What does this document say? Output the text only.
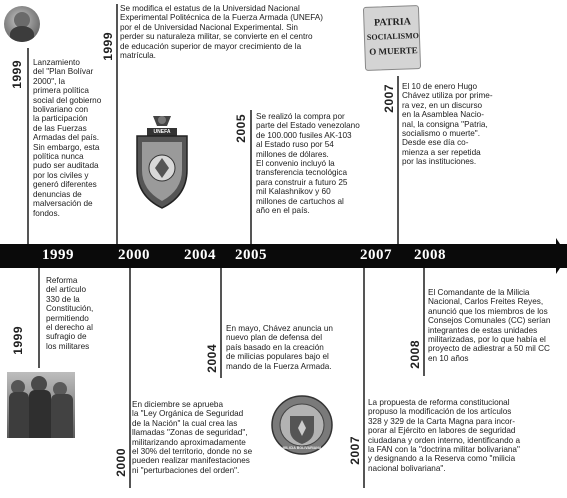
1999 Lanzamiento
del "Plan Bolívar
2000", la
primera política
social del gobierno
bolivariano con
la participación
de las Fuerzas
Armadas del país.
Sin embargo, esta
política nunca
pudo ser auditada
por los civiles y
generó diferentes
denuncias de
malversación de
fondos.
1999
Se modifica el estatus de la Universidad Nacional
Experimental Politécnica de la Fuerza Armada (UNEFA)
por el de Universidad Nacional Experimental. Sin
perder su naturaleza militar, se convierte en el centro
de educación superior de mayor crecimiento de la
matrícula.
UNEFA	2005 Se realizó la compra por
parte del Estado venezolano
de 100.000 fusiles AK-103
al Estado ruso por 54
millones de dólares.
El convenio incluyó la
transferencia tecnológica
para construir a futuro 25
mil Kalashnikov y 60
millones de cartuchos al
año en el país.
PATRIA
SOCIALISMO
O MUERTE
2007 El 10 de enero Hugo
Chávez utiliza por prime-
ra vez, en un discurso
en la Asamblea Nacio-
nal, la consigna "Patria,
socialismo o muerte".
Desde ese día co-
mienza a ser repetida
por las instituciones.
1999	2000 2004 2005	2007 2008
1999
Reforma
del artículo
330 de la
Constitución,
permitiendo
el derecho al
sufragio de
los militares
2000
En diciembre se aprueba
la "Ley Orgánica de Seguridad
de la Nación" la cual crea las
llamadas "Zonas de seguridad",
militarizando aproximadamente
el 30% del territorio, donde no se
pueden realizar manifestaciones
ni "perturbaciones del orden".
2004
En mayo, Chávez anuncia un
nuevo plan de defensa del
país basado en la creación
de milicias populares bajo el
mando de la Fuerza Armada.
MILICIA BOLIVARIANA	2007
La propuesta de reforma constitucional
propuso la modificación de los artículos
328 y 329 de la Carta Magna para incor-
porar al Ejército en labores de seguridad
ciudadana y orden interno, identificando a
la FAN con la "doctrina militar bolivariana"
y designando a la Reserva como "milicia
nacional bolivariana".
2008
El Comandante de la Milicia
Nacional, Carlos Freites Reyes,
anunció que los miembros de los
Consejos Comunales (CC) serían
integrantes de estas unidades
militarizadas, por lo que había el
proyecto de adiestrar a 50 mil CC
en 10 años
